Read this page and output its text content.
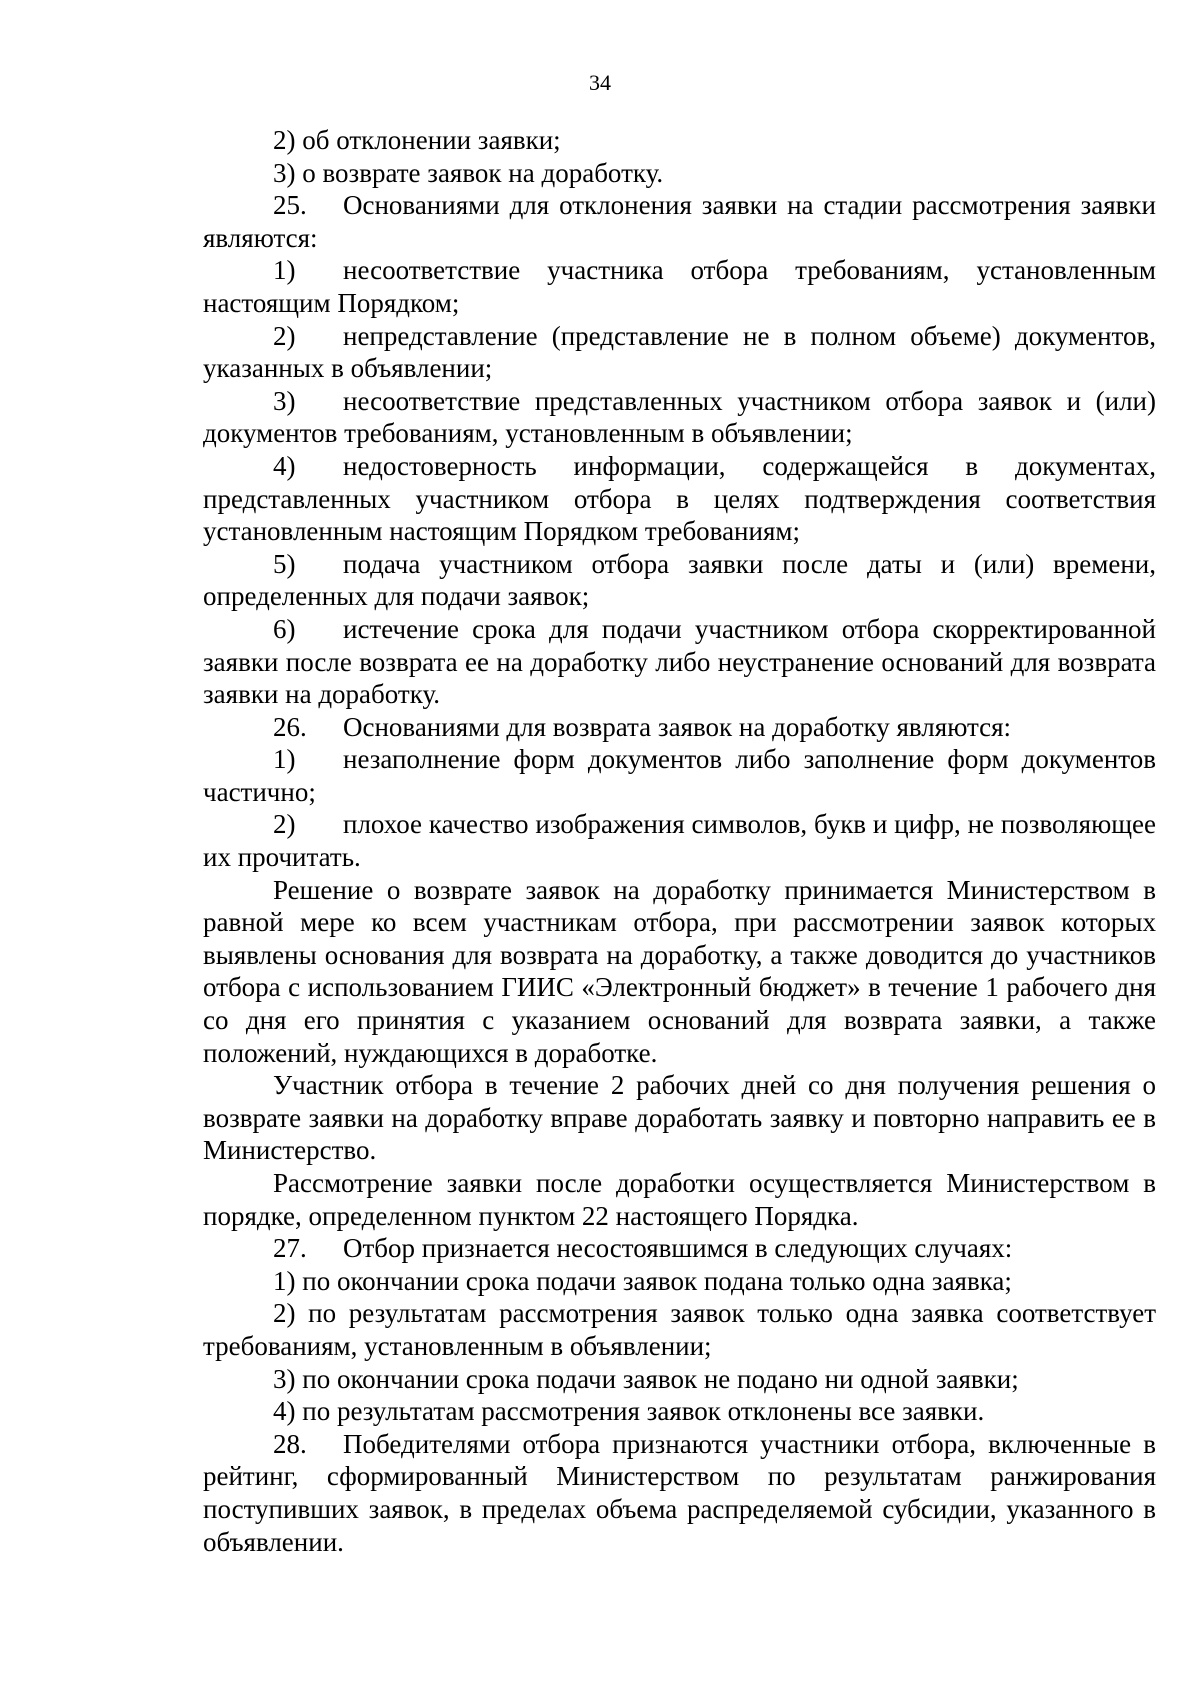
34

2) об отклонении заявки;

3) о возврате заявок на доработку.

25. Основаниями для отклонения заявки на стадии рассмотрения заявки являются:

1) несоответствие участника отбора требованиям, установленным настоящим Порядком;

2) непредставление (представление не в полном объеме) документов, указанных в объявлении;

3) несоответствие представленных участником отбора заявок и (или) документов требованиям, установленным в объявлении;

4) недостоверность информации, содержащейся в документах, представленных участником отбора в целях подтверждения соответствия установленным настоящим Порядком требованиям;

5) подача участником отбора заявки после даты и (или) времени, определенных для подачи заявок;

6) истечение срока для подачи участником отбора скорректированной заявки после возврата ее на доработку либо неустранение оснований для возврата заявки на доработку.

26. Основаниями для возврата заявок на доработку являются:

1) незаполнение форм документов либо заполнение форм документов частично;

2) плохое качество изображения символов, букв и цифр, не позволяющее их прочитать.

Решение о возврате заявок на доработку принимается Министерством в равной мере ко всем участникам отбора, при рассмотрении заявок которых выявлены основания для возврата на доработку, а также доводится до участников отбора с использованием ГИИС «Электронный бюджет» в течение 1 рабочего дня со дня его принятия с указанием оснований для возврата заявки, а также положений, нуждающихся в доработке.

Участник отбора в течение 2 рабочих дней со дня получения решения о возврате заявки на доработку вправе доработать заявку и повторно направить ее в Министерство.

Рассмотрение заявки после доработки осуществляется Министерством в порядке, определенном пунктом 22 настоящего Порядка.

27. Отбор признается несостоявшимся в следующих случаях:

1) по окончании срока подачи заявок подана только одна заявка;

2) по результатам рассмотрения заявок только одна заявка соответствует требованиям, установленным в объявлении;

3) по окончании срока подачи заявок не подано ни одной заявки;

4) по результатам рассмотрения заявок отклонены все заявки.

28. Победителями отбора признаются участники отбора, включенные в рейтинг, сформированный Министерством по результатам ранжирования поступивших заявок, в пределах объема распределяемой субсидии, указанного в объявлении.
